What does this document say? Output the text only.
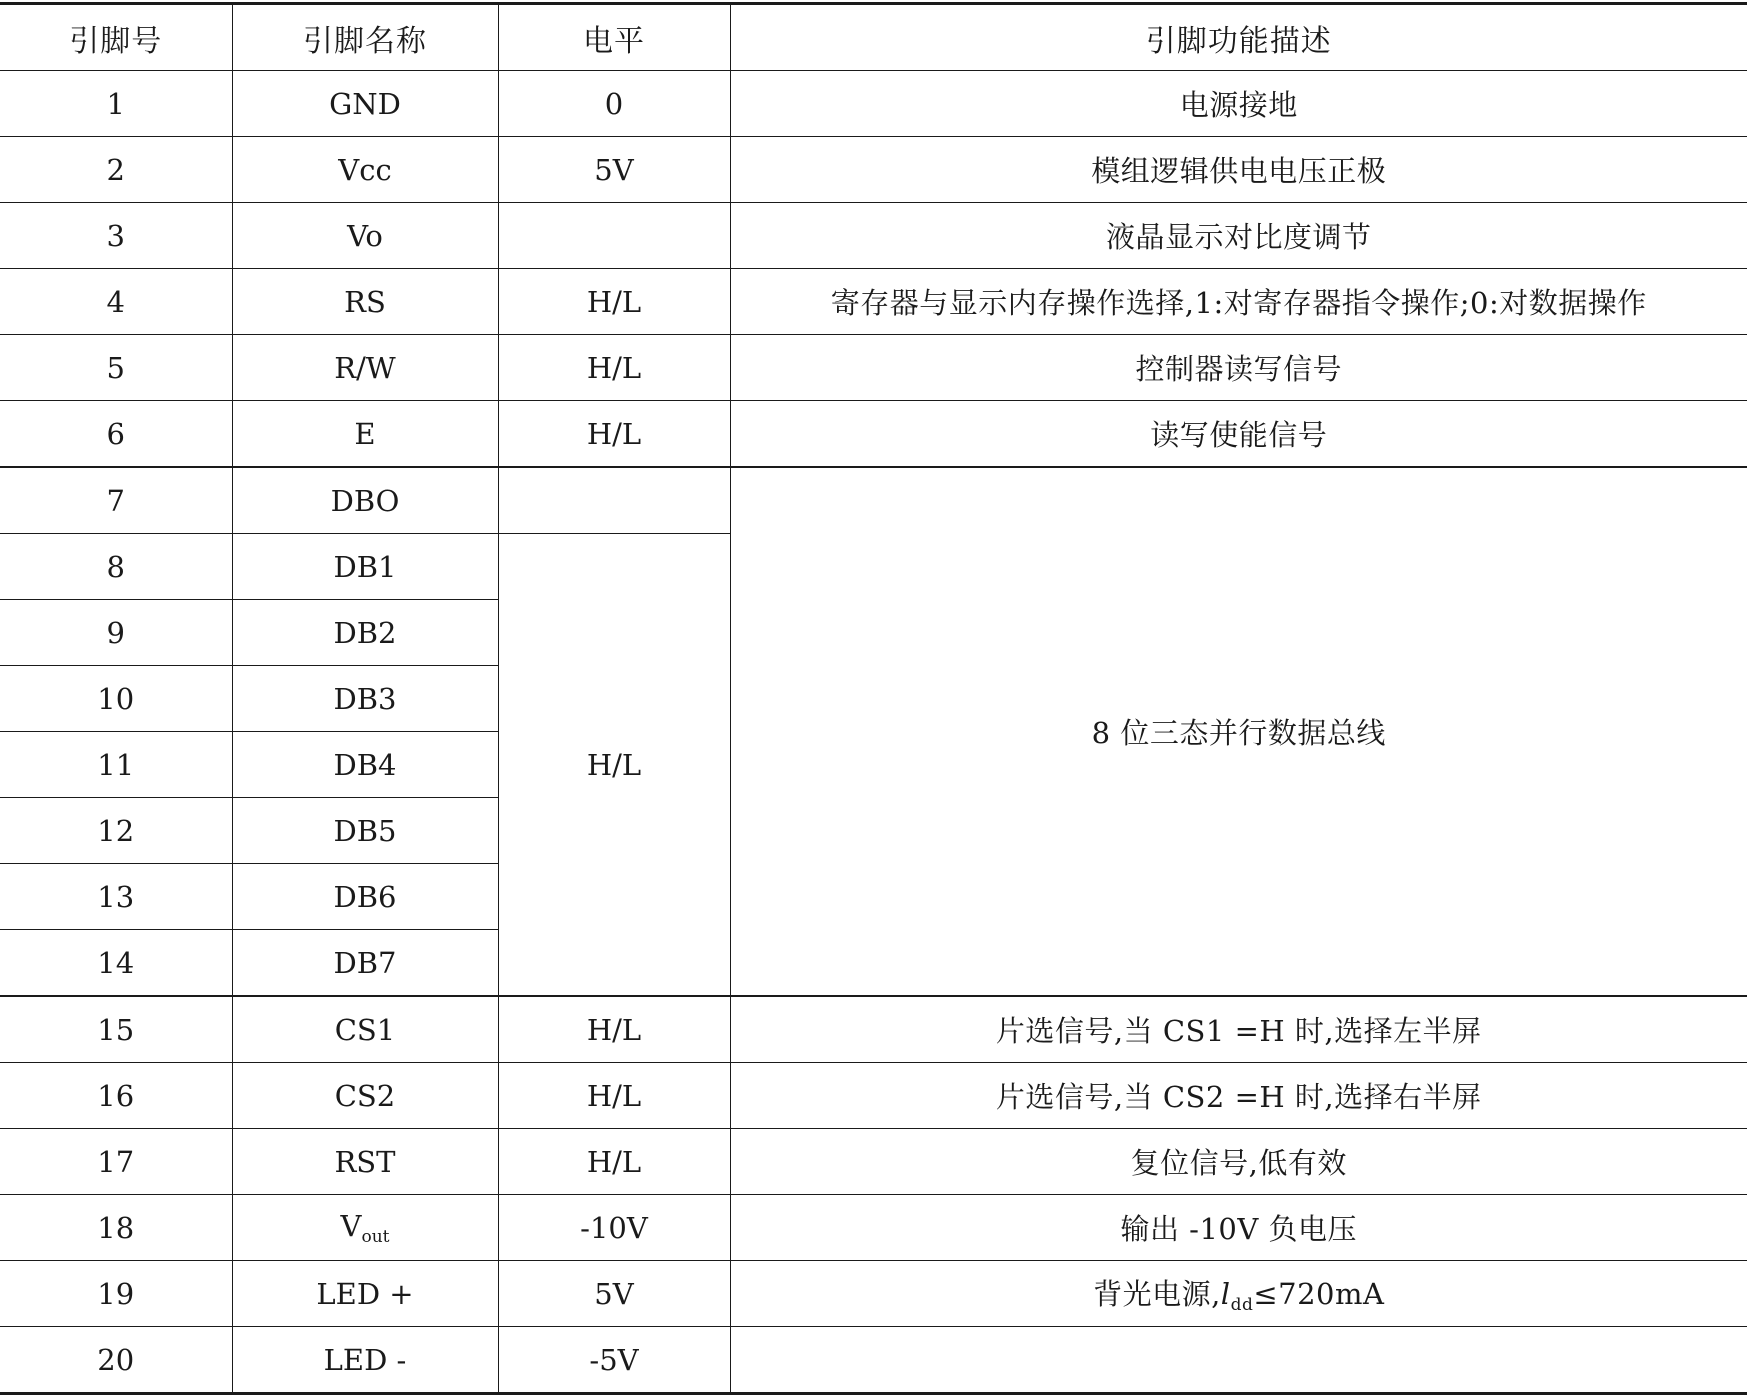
引脚号	引脚名称	电平	引脚功能描述
1	GND	0	电源接地
2	Vcc	5V	模组逻辑供电电压正极
3	Vo		液晶显示对比度调节
4	RS	H/L	寄存器与显示内存操作选择,1:对寄存器指令操作;0:对数据操作
5	R/W	H/L	控制器读写信号
6	E	H/L	读写使能信号
7	DBO		8 位三态并行数据总线
8	DB1	H/L	
9	DB2		
10	DB3		
11	DB4		
12	DB5		
13	DB6		
14	DB7		
15	CS1	H/L	片选信号,当 CS1 =H 时,选择左半屏
16	CS2	H/L	片选信号,当 CS2 =H 时,选择右半屏
17	RST	H/L	复位信号,低有效
18	$V_{out}$	-10V	输出 -10V 负电压
19	LED +	5V	背光电源$,l_{dd}\le 720mA$
20	LED -	-5V	
